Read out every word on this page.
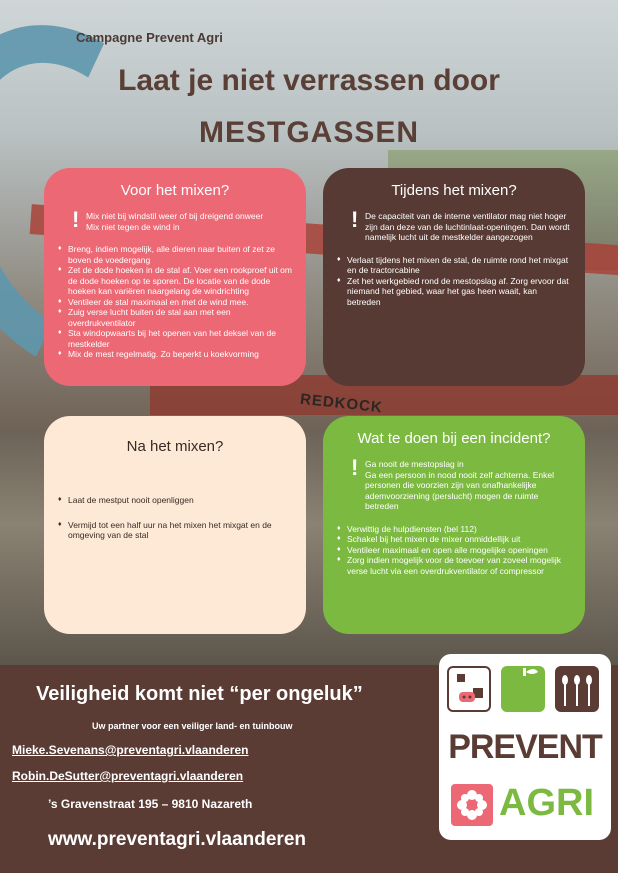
REDKOCK
Campagne Prevent Agri
Laat je niet verrassen door
MESTGASSEN
Voor het mixen?
! Mix niet bij windstil weer of bij dreigend onweer
Mix niet tegen de wind in
♦ Breng, indien mogelijk, alle dieren naar buiten of zet ze boven de voedergang
♦ Zet de dode hoeken in de stal af. Voer een rookproef uit om de dode hoeken op te sporen. De locatie van de dode hoeken kan variëren naargelang de windrichting
♦ Ventileer de stal maximaal en met de wind mee.
♦ Zuig verse lucht buiten de stal aan met een overdrukventilator
♦ Sta windopwaarts bij het openen van het deksel van de mestkelder
♦ Mix de mest regelmatig. Zo beperkt u koekvorming
Tijdens het mixen?
! De capaciteit van de interne ventilator mag niet hoger zijn dan deze van de luchtinlaat-openingen. Dan wordt namelijk lucht uit de mestkelder aangezogen
♦ Verlaat tijdens het mixen de stal, de ruimte rond het mixgat en de tractorcabine
♦ Zet het werkgebied rond de mestopslag af. Zorg ervoor dat niemand het gebied, waar het gas heen waait, kan betreden
Na het mixen?
♦ Laat de mestput nooit openliggen
♦ Vermijd tot een half uur na het mixen het mixgat en de omgeving van de stal
Wat te doen bij een incident?
! Ga nooit de mestopslag in
Ga een persoon in nood nooit zelf achterna. Enkel personen die voorzien zijn van onafhankelijke ademvoorziening (perslucht) mogen de ruimte betreden
♦ Verwittig de hulpdiensten (bel 112)
♦ Schakel bij het mixen de mixer onmiddellijk uit
♦ Ventileer maximaal en open alle mogelijke openingen
♦ Zorg indien mogelijk voor de toevoer van zoveel mogelijk verse lucht via een overdrukventilator of compressor
Veiligheid komt niet “per ongeluk”
Uw partner voor een veiliger land- en tuinbouw
Mieke.Sevenans@preventagri.vlaanderen
Robin.DeSutter@preventagri.vlaanderen
’s Gravenstraat 195 – 9810 Nazareth
www.preventagri.vlaanderen
PREVENT
AGRI
